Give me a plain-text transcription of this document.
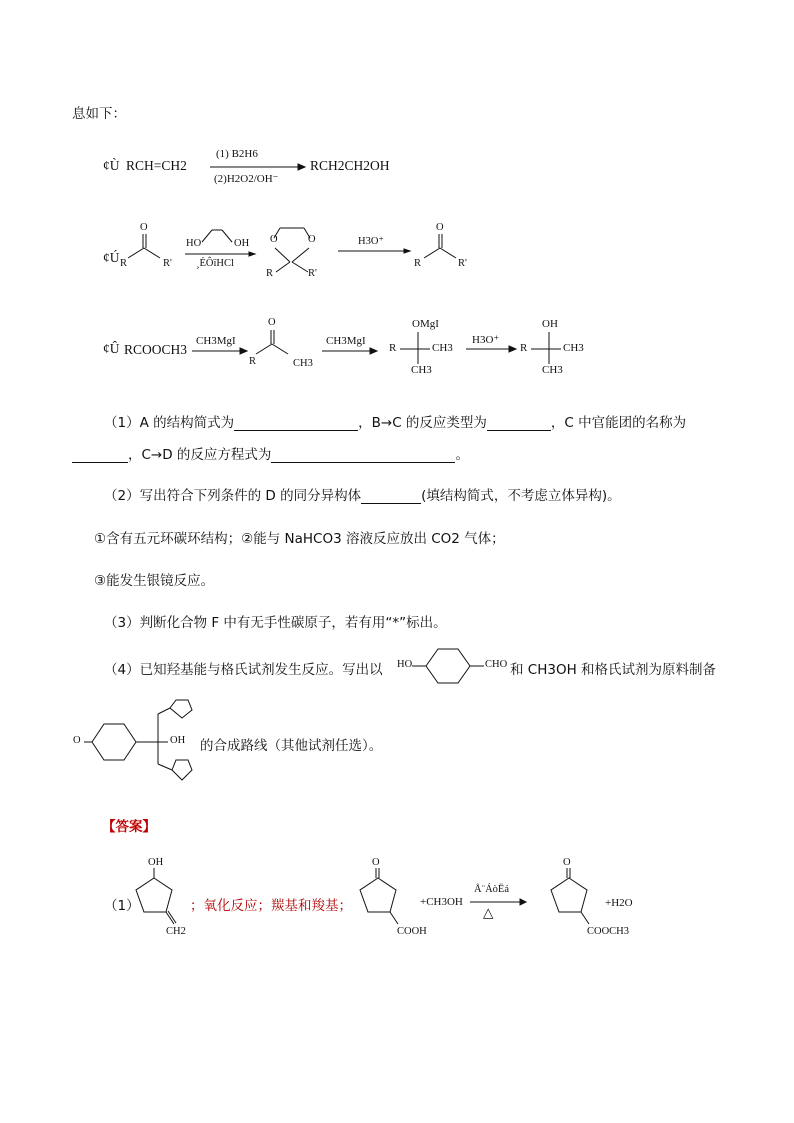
息如下：
¢Ù RCH=CH2
(1) B2H6
(2)H2O2/OH⁻
RCH2CH2OH
¢Ú
O
R	R'
HO	OH
¸ÉÔïHCl
O	O
R	R'
H3O⁺
O
R	R'
¢Û RCOOCH3
CH3MgI
O
R	CH3
CH3MgI
OMgI
R	CH3
CH3
H3O⁺
OH
R	CH3
CH3
（1）A 的结构简式为	，B→C 的反应类型为	，C 中官能团的名称为
，C→D 的反应方程式为	。
（2）写出符合下列条件的 D 的同分异构体	(填结构简式，不考虑立体异构)。
①含有五元环碳环结构；②能与 NaHCO3 溶液反应放出 CO2 气体；
③能发生银镜反应。
（3）判断化合物 F 中有无手性碳原子，若有用“*”标出。
（4）已知羟基能与格氏试剂发生反应。写出以 HO	CHO 和 CH3OH 和格氏试剂为原料制备
O	OH 的合成路线（其他试剂任选）。
【答案】
（1）
OH
CH2
；氧化反应；羰基和羧基；
O
COOH
+CH3OH
Å¨ÁòËá
△
O
COOCH3
+H2O
